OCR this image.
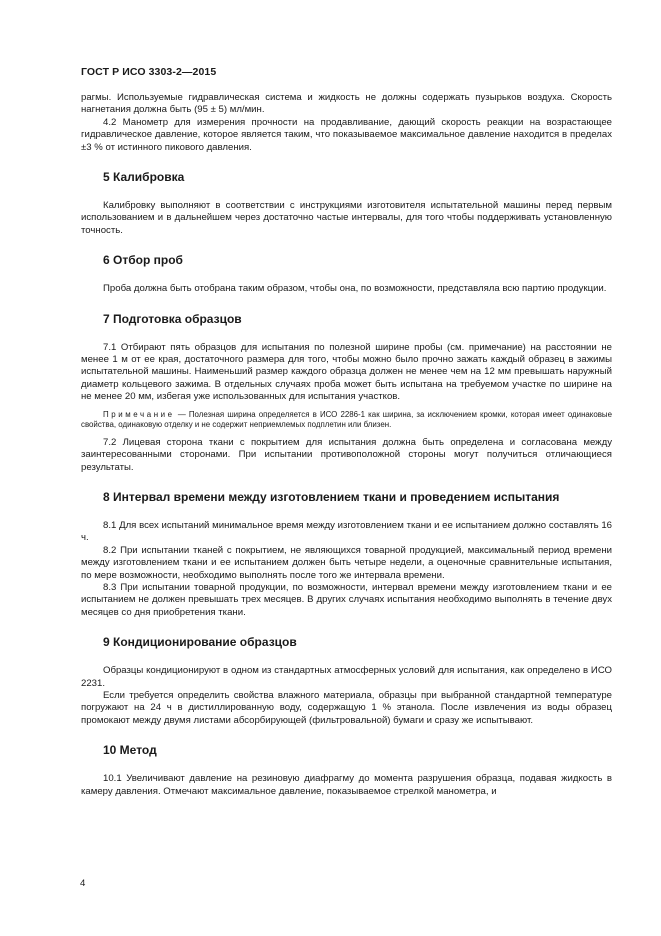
ГОСТ Р ИСО 3303-2—2015

рагмы. Используемые гидравлическая система и жидкость не должны содержать пузырьков воздуха. Скорость нагнетания должна быть (95 ± 5) мл/мин.

4.2 Манометр для измерения прочности на продавливание, дающий скорость реакции на возрастающее гидравлическое давление, которое является таким, что показываемое максимальное давление находится в пределах ±3 % от истинного пикового давления.

5 Калибровка

Калибровку выполняют в соответствии с инструкциями изготовителя испытательной машины перед первым использованием и в дальнейшем через достаточно частые интервалы, для того чтобы поддерживать установленную точность.

6 Отбор проб

Проба должна быть отобрана таким образом, чтобы она, по возможности, представляла всю партию продукции.

7 Подготовка образцов

7.1 Отбирают пять образцов для испытания по полезной ширине пробы (см. примечание) на расстоянии не менее 1 м от ее края, достаточного размера для того, чтобы можно было прочно зажать каждый образец в зажимы испытательной машины. Наименьший размер каждого образца должен не менее чем на 12 мм превышать наружный диаметр кольцевого зажима. В отдельных случаях проба может быть испытана на требуемом участке по ширине на не менее 20 мм, избегая уже использованных для испытания участков.

Примечание — Полезная ширина определяется в ИСО 2286-1 как ширина, за исключением кромки, которая имеет одинаковые свойства, одинаковую отделку и не содержит неприемлемых подплетин или близен.

7.2 Лицевая сторона ткани с покрытием для испытания должна быть определена и согласована между заинтересованными сторонами. При испытании противоположной стороны могут получиться отличающиеся результаты.

8 Интервал времени между изготовлением ткани и проведением испытания

8.1 Для всех испытаний минимальное время между изготовлением ткани и ее испытанием должно составлять 16 ч.

8.2 При испытании тканей с покрытием, не являющихся товарной продукцией, максимальный период времени между изготовлением ткани и ее испытанием должен быть четыре недели, а оценочные сравнительные испытания, по мере возможности, необходимо выполнять после того же интервала времени.

8.3 При испытании товарной продукции, по возможности, интервал времени между изготовлением ткани и ее испытанием не должен превышать трех месяцев. В других случаях испытания необходимо выполнять в течение двух месяцев со дня приобретения ткани.

9 Кондиционирование образцов

Образцы кондиционируют в одном из стандартных атмосферных условий для испытания, как определено в ИСО 2231.

Если требуется определить свойства влажного материала, образцы при выбранной стандартной температуре погружают на 24 ч в дистиллированную воду, содержащую 1 % этанола. После извлечения из воды образец промокают между двумя листами абсорбирующей (фильтровальной) бумаги и сразу же испытывают.

10 Метод

10.1 Увеличивают давление на резиновую диафрагму до момента разрушения образца, подавая жидкость в камеру давления. Отмечают максимальное давление, показываемое стрелкой манометра, и

4
